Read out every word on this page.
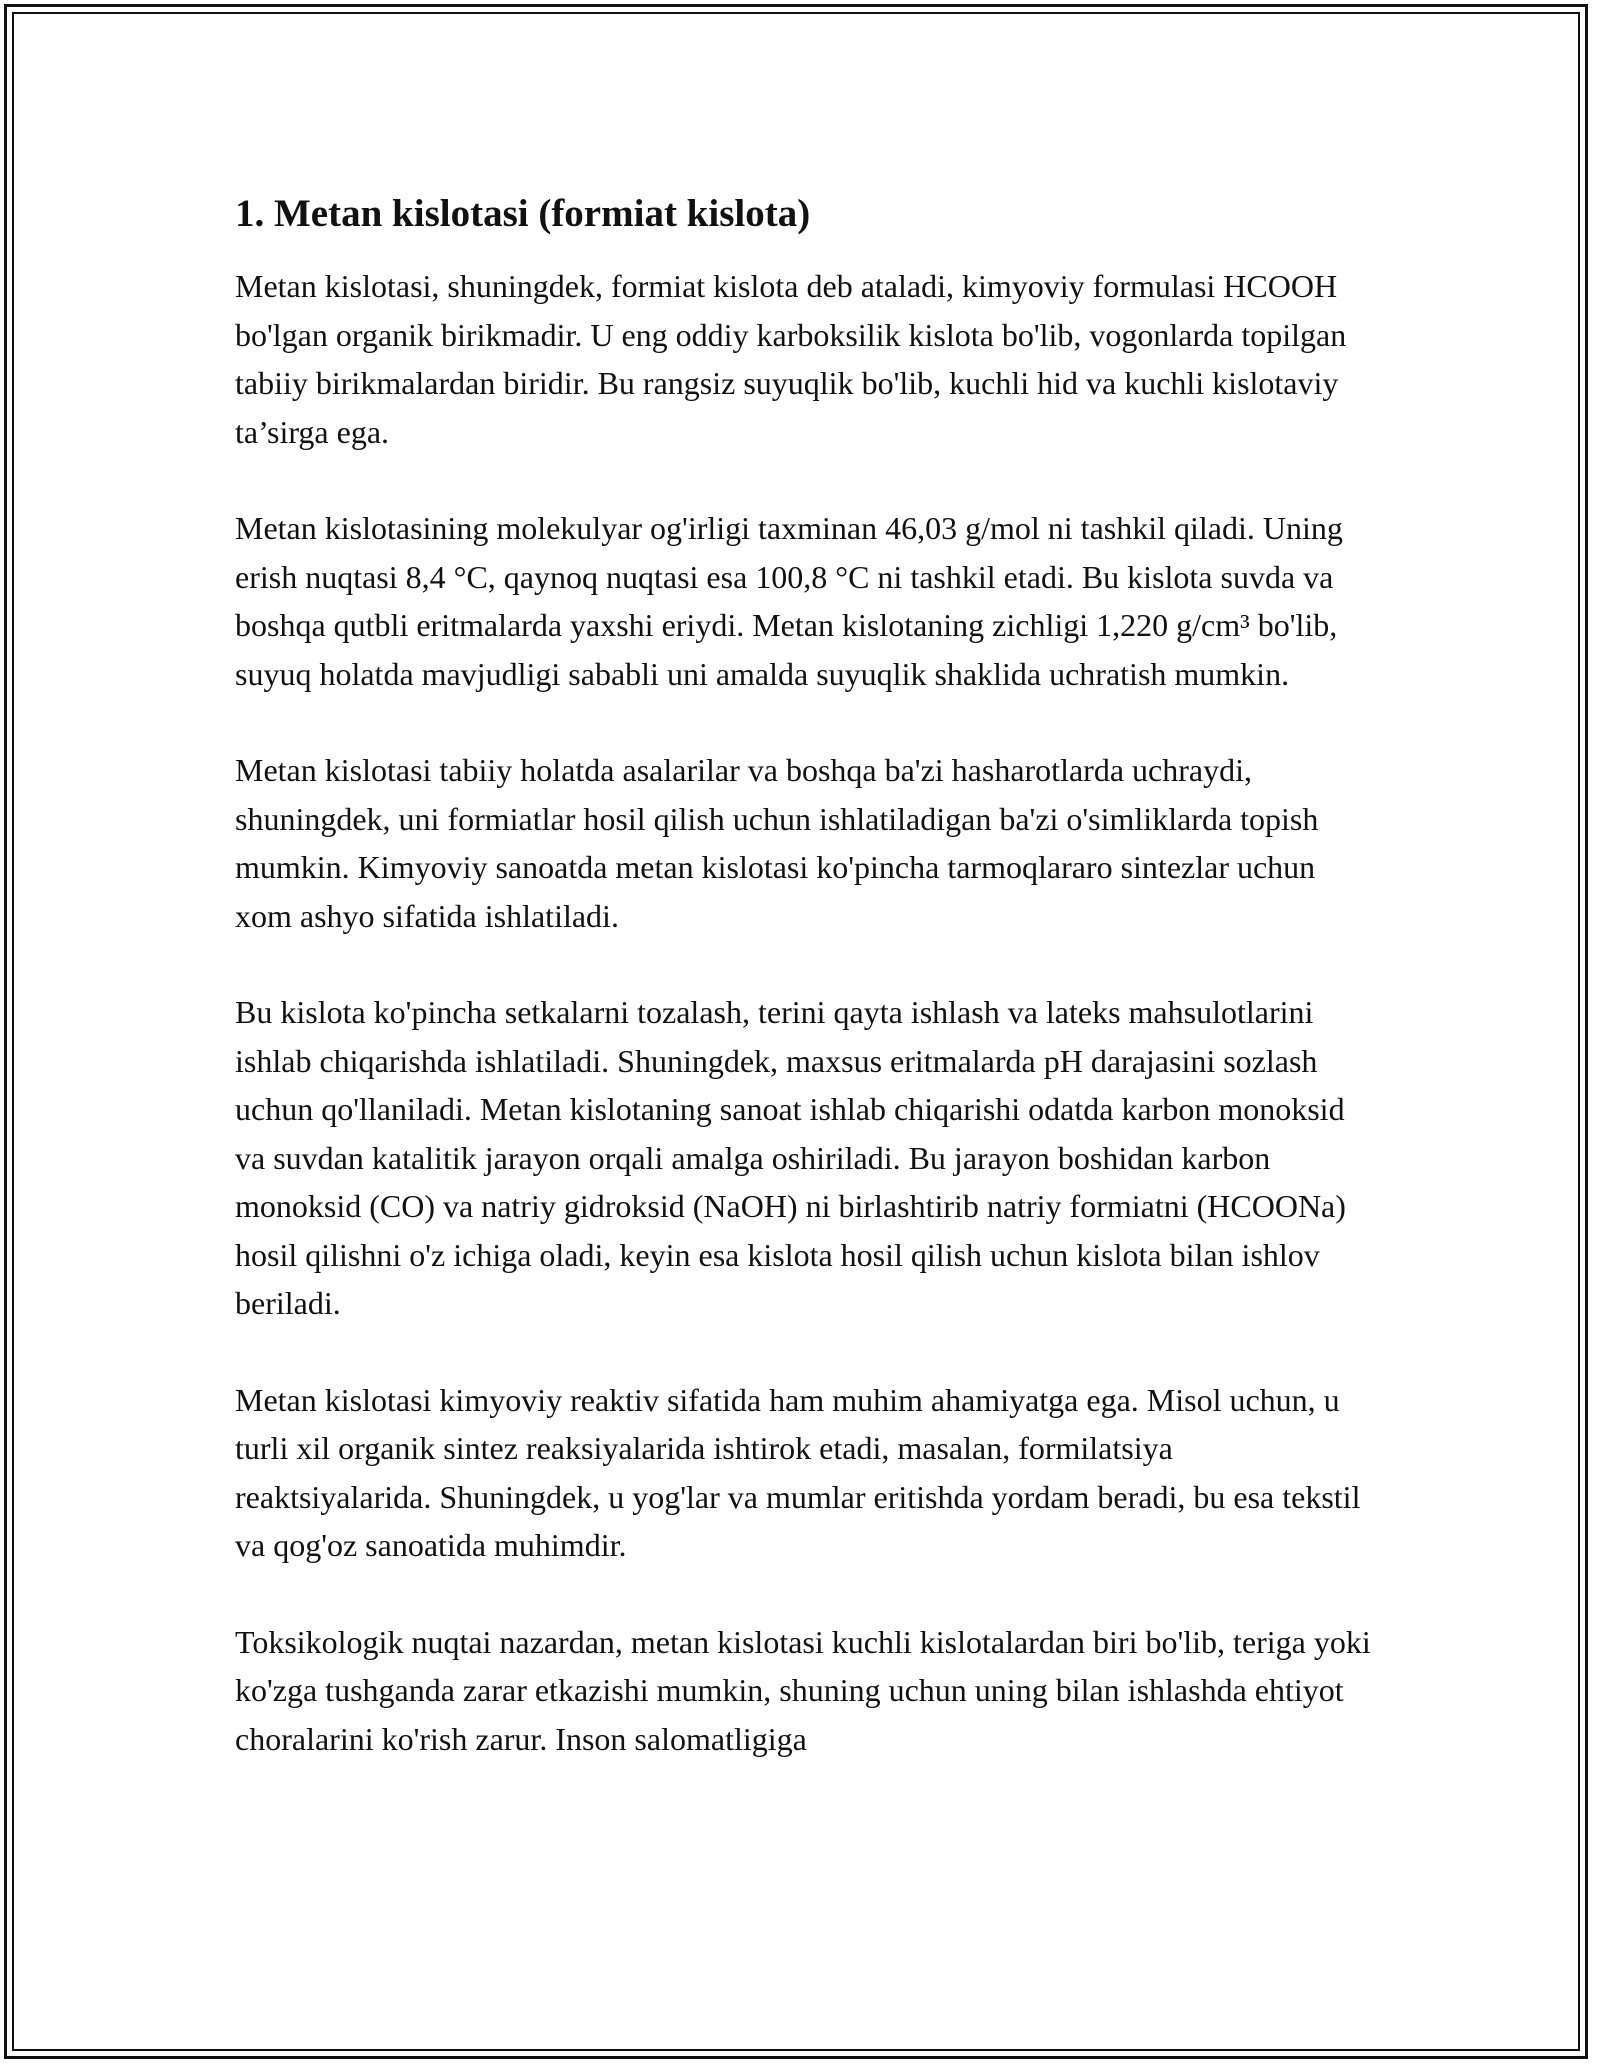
1. Metan kislotasi (formiat kislota)

Metan kislotasi, shuningdek, formiat kislota deb ataladi, kimyoviy formulasi HCOOH bo'lgan organik birikmadir. U eng oddiy karboksilik kislota bo'lib, vogonlarda topilgan tabiiy birikmalardan biridir. Bu rangsiz suyuqlik bo'lib, kuchli hid va kuchli kislotaviy ta’sirga ega.

Metan kislotasining molekulyar og'irligi taxminan 46,03 g/mol ni tashkil qiladi. Uning erish nuqtasi 8,4 °C, qaynoq nuqtasi esa 100,8 °C ni tashkil etadi. Bu kislota suvda va boshqa qutbli eritmalarda yaxshi eriydi. Metan kislotaning zichligi 1,220 g/cm³ bo'lib, suyuq holatda mavjudligi sababli uni amalda suyuqlik shaklida uchratish mumkin.

Metan kislotasi tabiiy holatda asalarilar va boshqa ba'zi hasharotlarda uchraydi, shuningdek, uni formiatlar hosil qilish uchun ishlatiladigan ba'zi o'simliklarda topish mumkin. Kimyoviy sanoatda metan kislotasi ko'pincha tarmoqlararo sintezlar uchun xom ashyo sifatida ishlatiladi.

Bu kislota ko'pincha setkalarni tozalash, terini qayta ishlash va lateks mahsulotlarini ishlab chiqarishda ishlatiladi. Shuningdek, maxsus eritmalarda pH darajasini sozlash uchun qo'llaniladi. Metan kislotaning sanoat ishlab chiqarishi odatda karbon monoksid va suvdan katalitik jarayon orqali amalga oshiriladi. Bu jarayon boshidan karbon monoksid (CO) va natriy gidroksid (NaOH) ni birlashtirib natriy formiatni (HCOONa) hosil qilishni o'z ichiga oladi, keyin esa kislota hosil qilish uchun kislota bilan ishlov beriladi.

Metan kislotasi kimyoviy reaktiv sifatida ham muhim ahamiyatga ega. Misol uchun, u turli xil organik sintez reaksiyalarida ishtirok etadi, masalan, formilatsiya reaktsiyalarida. Shuningdek, u yog'lar va mumlar eritishda yordam beradi, bu esa tekstil va qog'oz sanoatida muhimdir.

Toksikologik nuqtai nazardan, metan kislotasi kuchli kislotalardan biri bo'lib, teriga yoki ko'zga tushganda zarar etkazishi mumkin, shuning uchun uning bilan ishlashda ehtiyot choralarini ko'rish zarur. Inson salomatligiga
